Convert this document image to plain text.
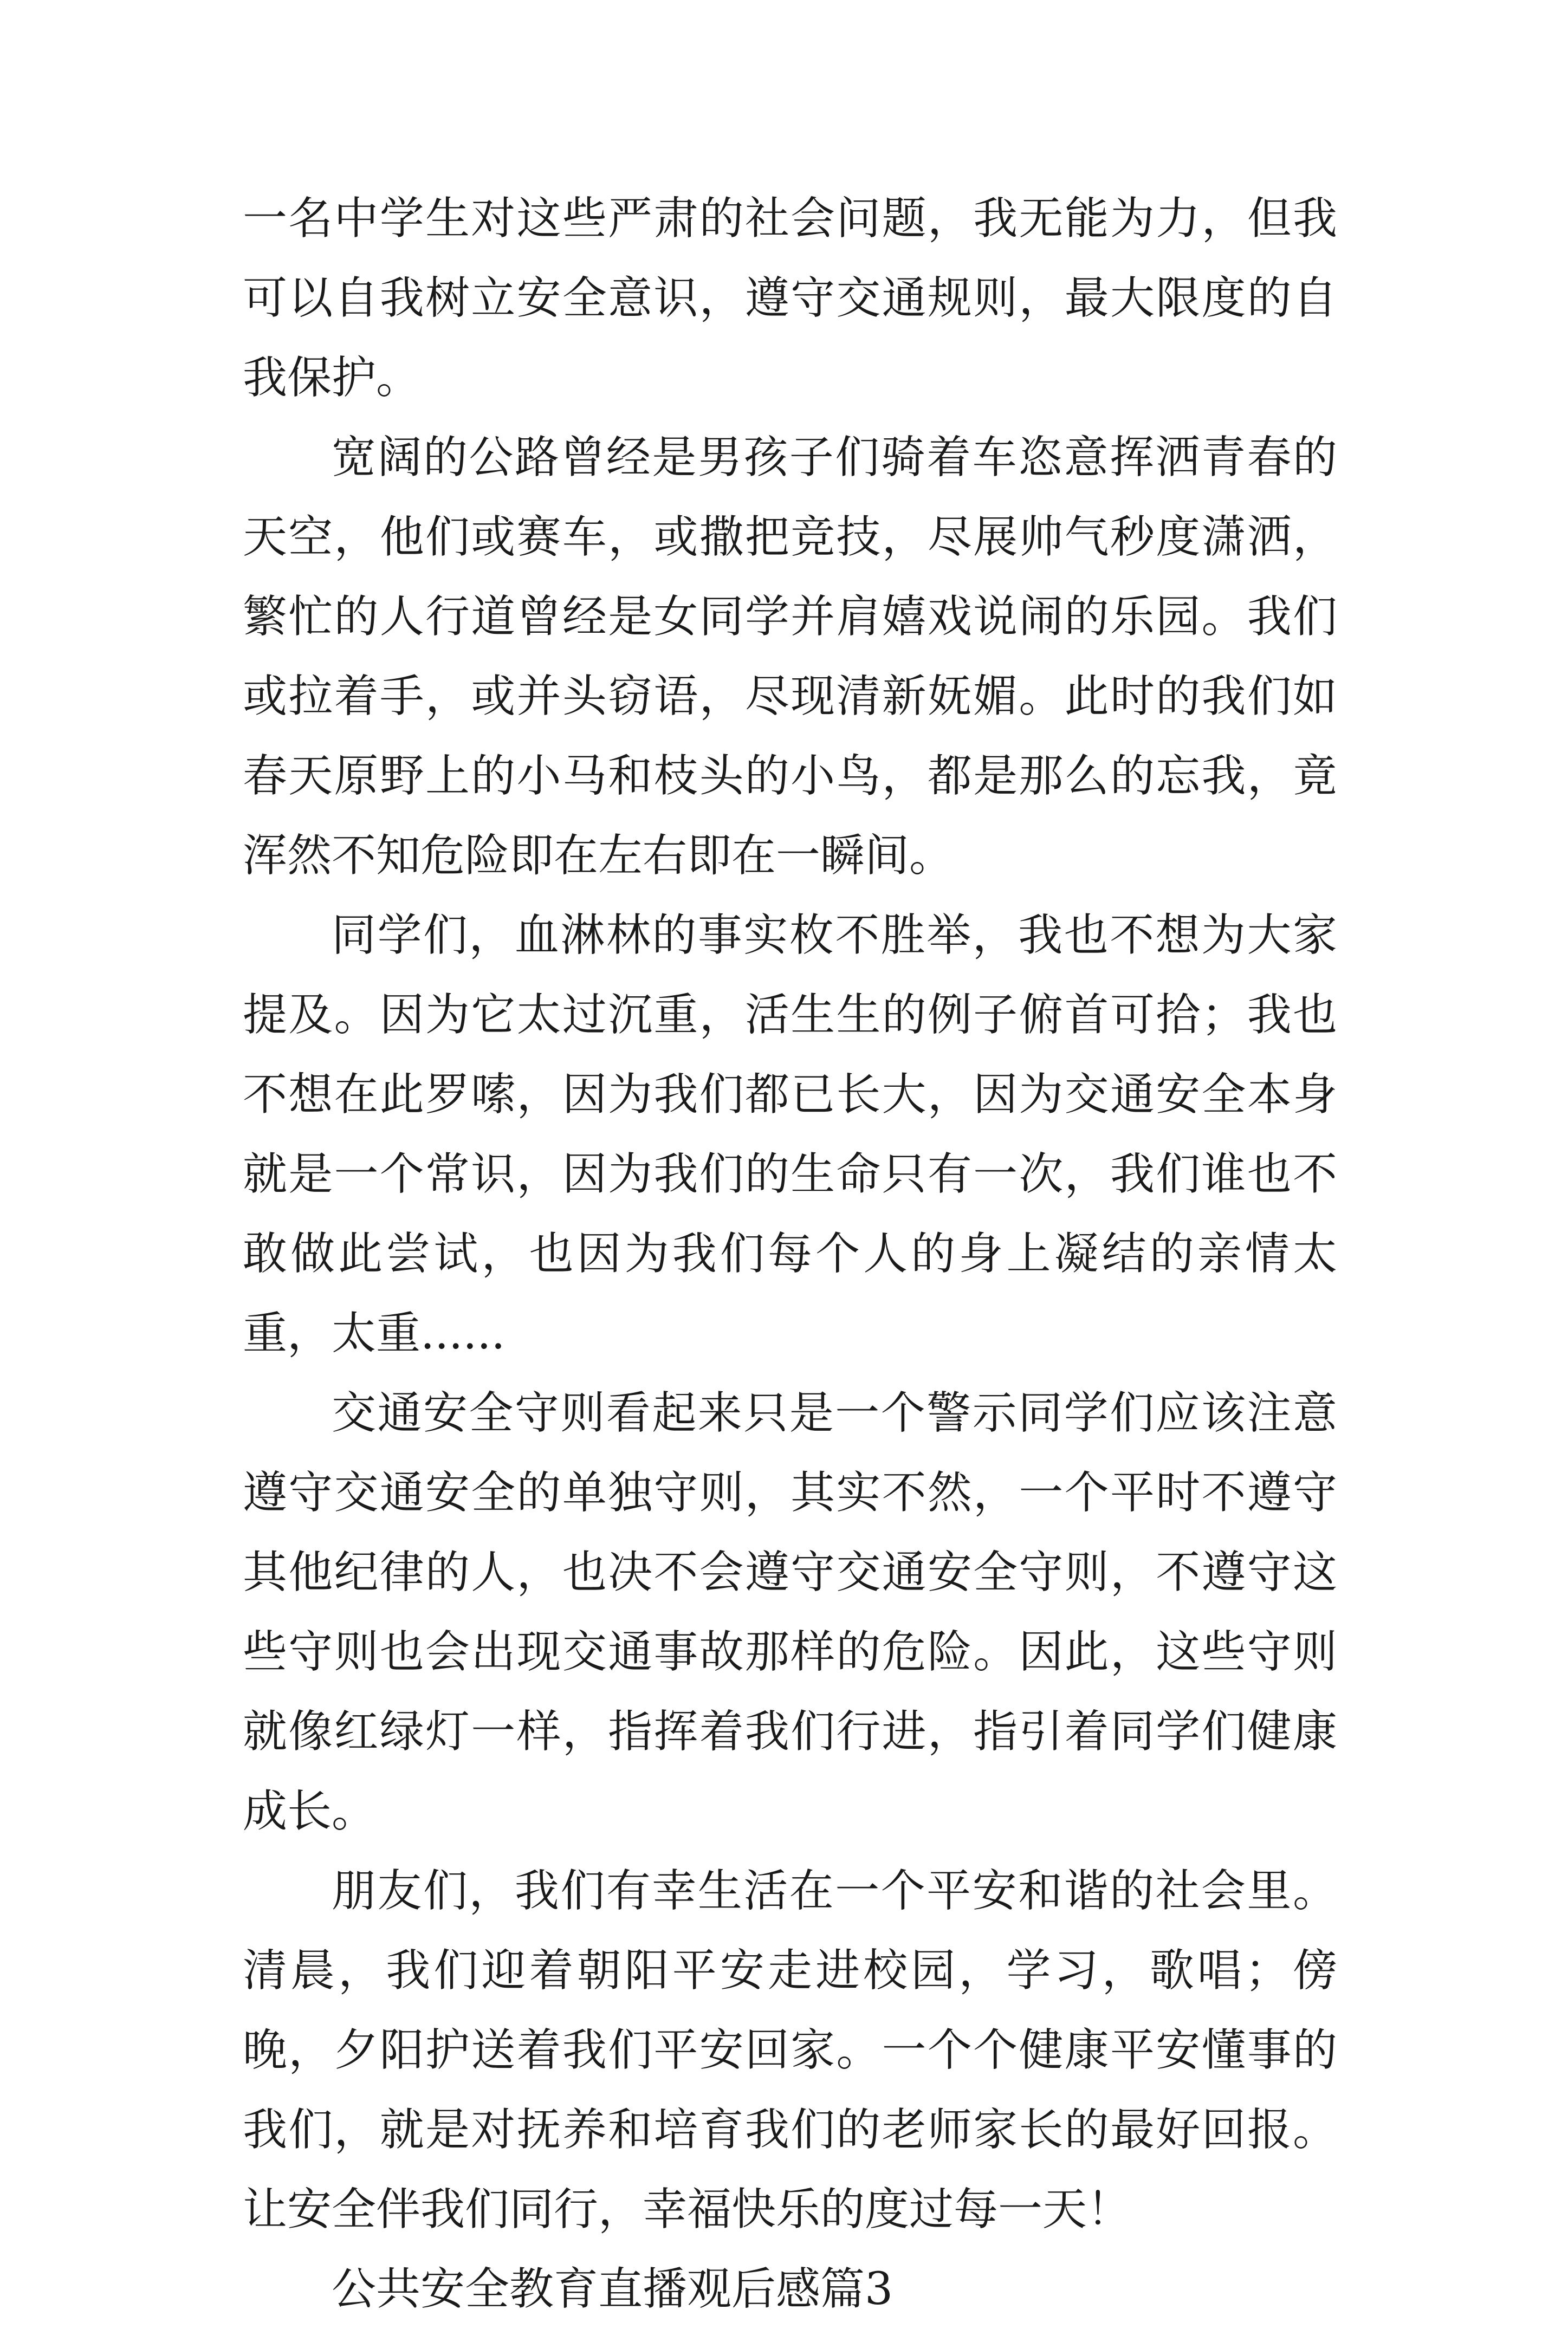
一名中学生对这些严肃的社会问题，我无能为力，但我可以自我树立安全意识，遵守交通规则，最大限度的自我保护。

宽阔的公路曾经是男孩子们骑着车恣意挥洒青春的天空，他们或赛车，或撒把竞技，尽展帅气秒度潇洒，繁忙的人行道曾经是女同学并肩嬉戏说闹的乐园。我们或拉着手，或并头窃语，尽现清新妩媚。此时的我们如春天原野上的小马和枝头的小鸟，都是那么的忘我，竟浑然不知危险即在左右即在一瞬间。

同学们，血淋林的事实枚不胜举，我也不想为大家提及。因为它太过沉重，活生生的例子俯首可拾；我也不想在此罗嗦，因为我们都已长大，因为交通安全本身就是一个常识，因为我们的生命只有一次，我们谁也不敢做此尝试，也因为我们每个人的身上凝结的亲情太重，太重......

交通安全守则看起来只是一个警示同学们应该注意遵守交通安全的单独守则，其实不然，一个平时不遵守其他纪律的人，也决不会遵守交通安全守则，不遵守这些守则也会出现交通事故那样的危险。因此，这些守则就像红绿灯一样，指挥着我们行进，指引着同学们健康成长。

朋友们，我们有幸生活在一个平安和谐的社会里。清晨，我们迎着朝阳平安走进校园，学习，歌唱；傍晚，夕阳护送着我们平安回家。一个个健康平安懂事的我们，就是对抚养和培育我们的老师家长的最好回报。让安全伴我们同行，幸福快乐的度过每一天！

公共安全教育直播观后感篇3
